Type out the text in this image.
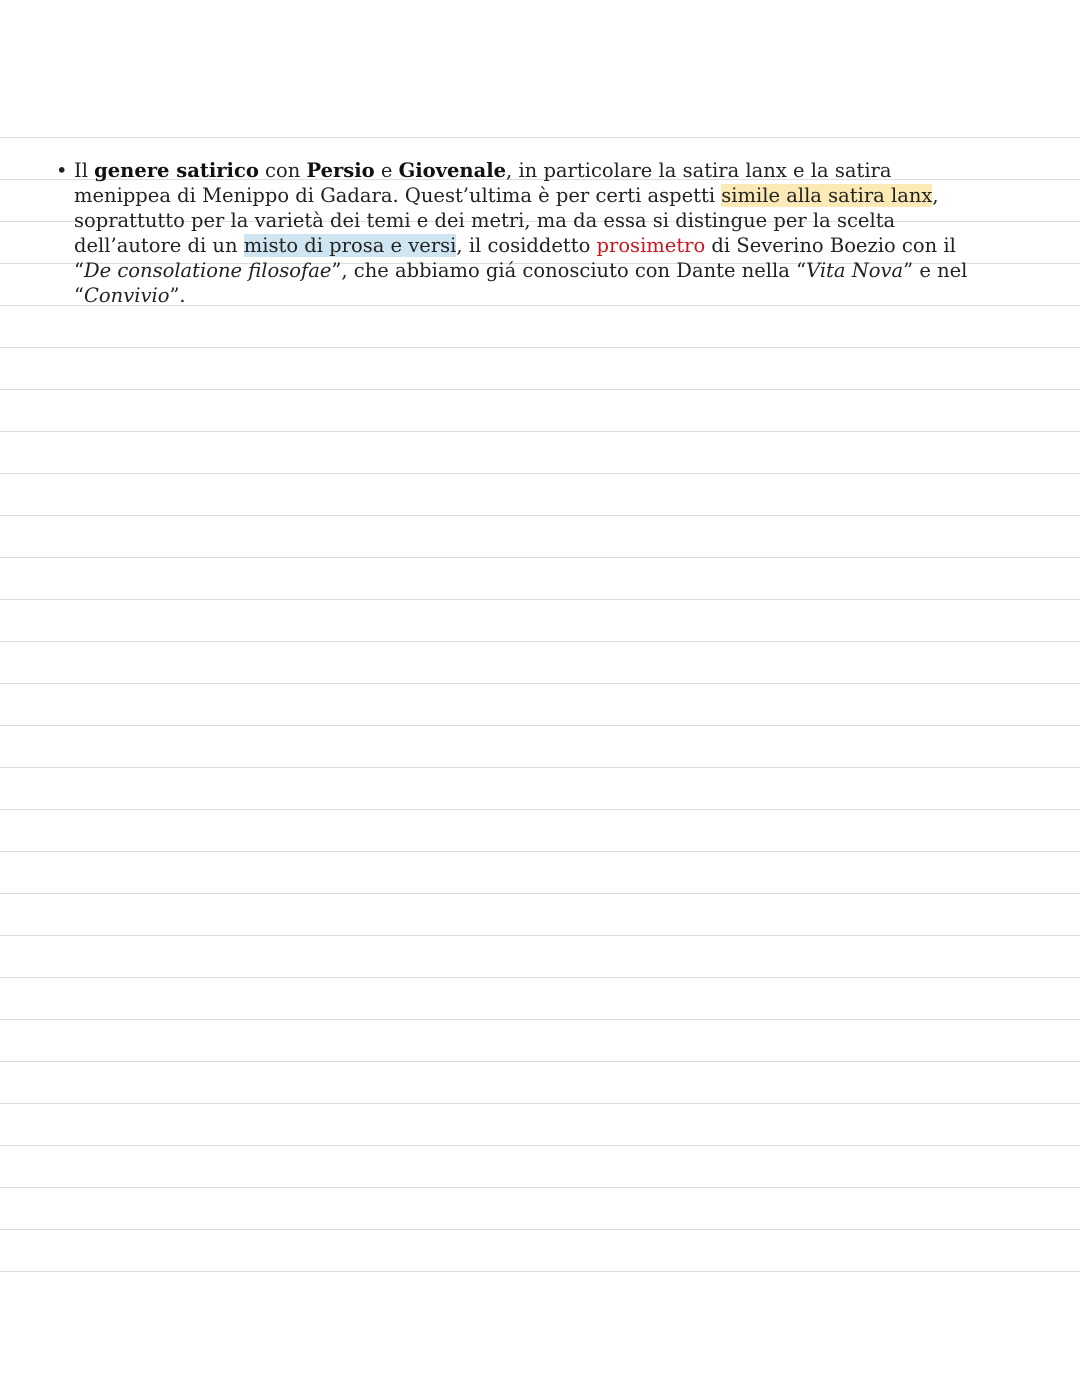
• Il genere satirico con Persio e Giovenale, in particolare la satira lanx e la satira menippea di Menippo di Gadara. Quest’ultima è per certi aspetti simile alla satira lanx, soprattutto per la varietà dei temi e dei metri, ma da essa si distingue per la scelta dell’autore di un misto di prosa e versi, il cosiddetto prosimetro di Severino Boezio con il “De consolatione filosofae”, che abbiamo giá conosciuto con Dante nella “Vita Nova” e nel “Convivio”.
